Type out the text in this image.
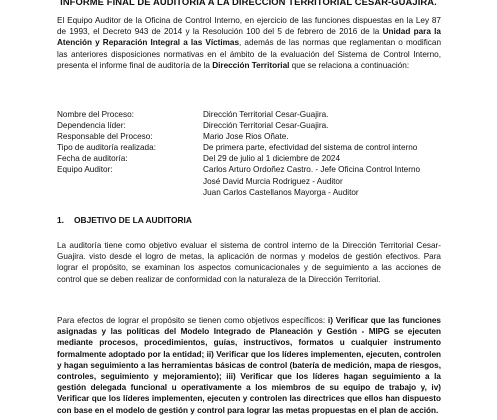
INFORME FINAL DE AUDITORIA A LA DIRECCION TERRITORIAL CESAR-GUAJIRA.

El Equipo Auditor de la Oficina de Control Interno, en ejercicio de las funciones dispuestas en la Ley 87 de 1993, el Decreto 943 de 2014 y la Resolución 100 del 5 de febrero de 2016 de la Unidad para la Atención y Reparación Integral a las Víctimas, además de las normas que reglamentan o modifican las anteriores disposiciones normativas en el ámbito de la evaluación del Sistema de Control Interno, presenta el informe final de auditoría de la Dirección Territorial que se relaciona a continuación:

Nombre del Proceso:	Dirección Territorial Cesar-Guajira.
Dependencia líder:	Dirección Territorial Cesar-Guajira.
Responsable del Proceso:	Mario Jose Rios Oñate.
Tipo de auditoría realizada:	De primera parte, efectividad del sistema de control interno
Fecha de auditoría:	Del 29 de julio al 1 diciembre de 2024
Equipo Auditor:	Carlos Arturo Ordoñez Castro. - Jefe Oficina Control Interno
José David Murcia Rodriguez - Auditor
Juan Carlos Castellanos Mayorga - Auditor
1. OBJETIVO DE LA AUDITORIA

La auditoría tiene como objetivo evaluar el sistema de control interno de la Dirección Territorial Cesar-Guajira. visto desde el logro de metas, la aplicación de normas y modelos de gestión efectivos. Para lograr el propósito, se examinan los aspectos comunicacionales y de seguimiento a las acciones de control que se deben realizar de conformidad con la naturaleza de la Dirección Territorial.

Para efectos de lograr el propósito se tienen como objetivos específicos: i) Verificar que las funciones asignadas y las políticas del Modelo Integrado de Planeación y Gestión - MIPG se ejecuten mediante procesos, procedimientos, guías, instructivos, formatos u cualquier instrumento formalmente adoptado por la entidad; ii) Verificar que los líderes implementen, ejecuten, controlen y hagan seguimiento a las herramientas básicas de control (batería de medición, mapa de riesgos, controles, seguimiento y mejoramiento); iii) Verificar que los líderes hagan seguimiento a la gestión delegada funcional u operativamente a los miembros de su equipo de trabajo y, iv) Verificar que los líderes implementen, ejecuten y controlen las directrices que ellos han dispuesto con base en el modelo de gestión y control para lograr las metas propuestas en el plan de acción.
